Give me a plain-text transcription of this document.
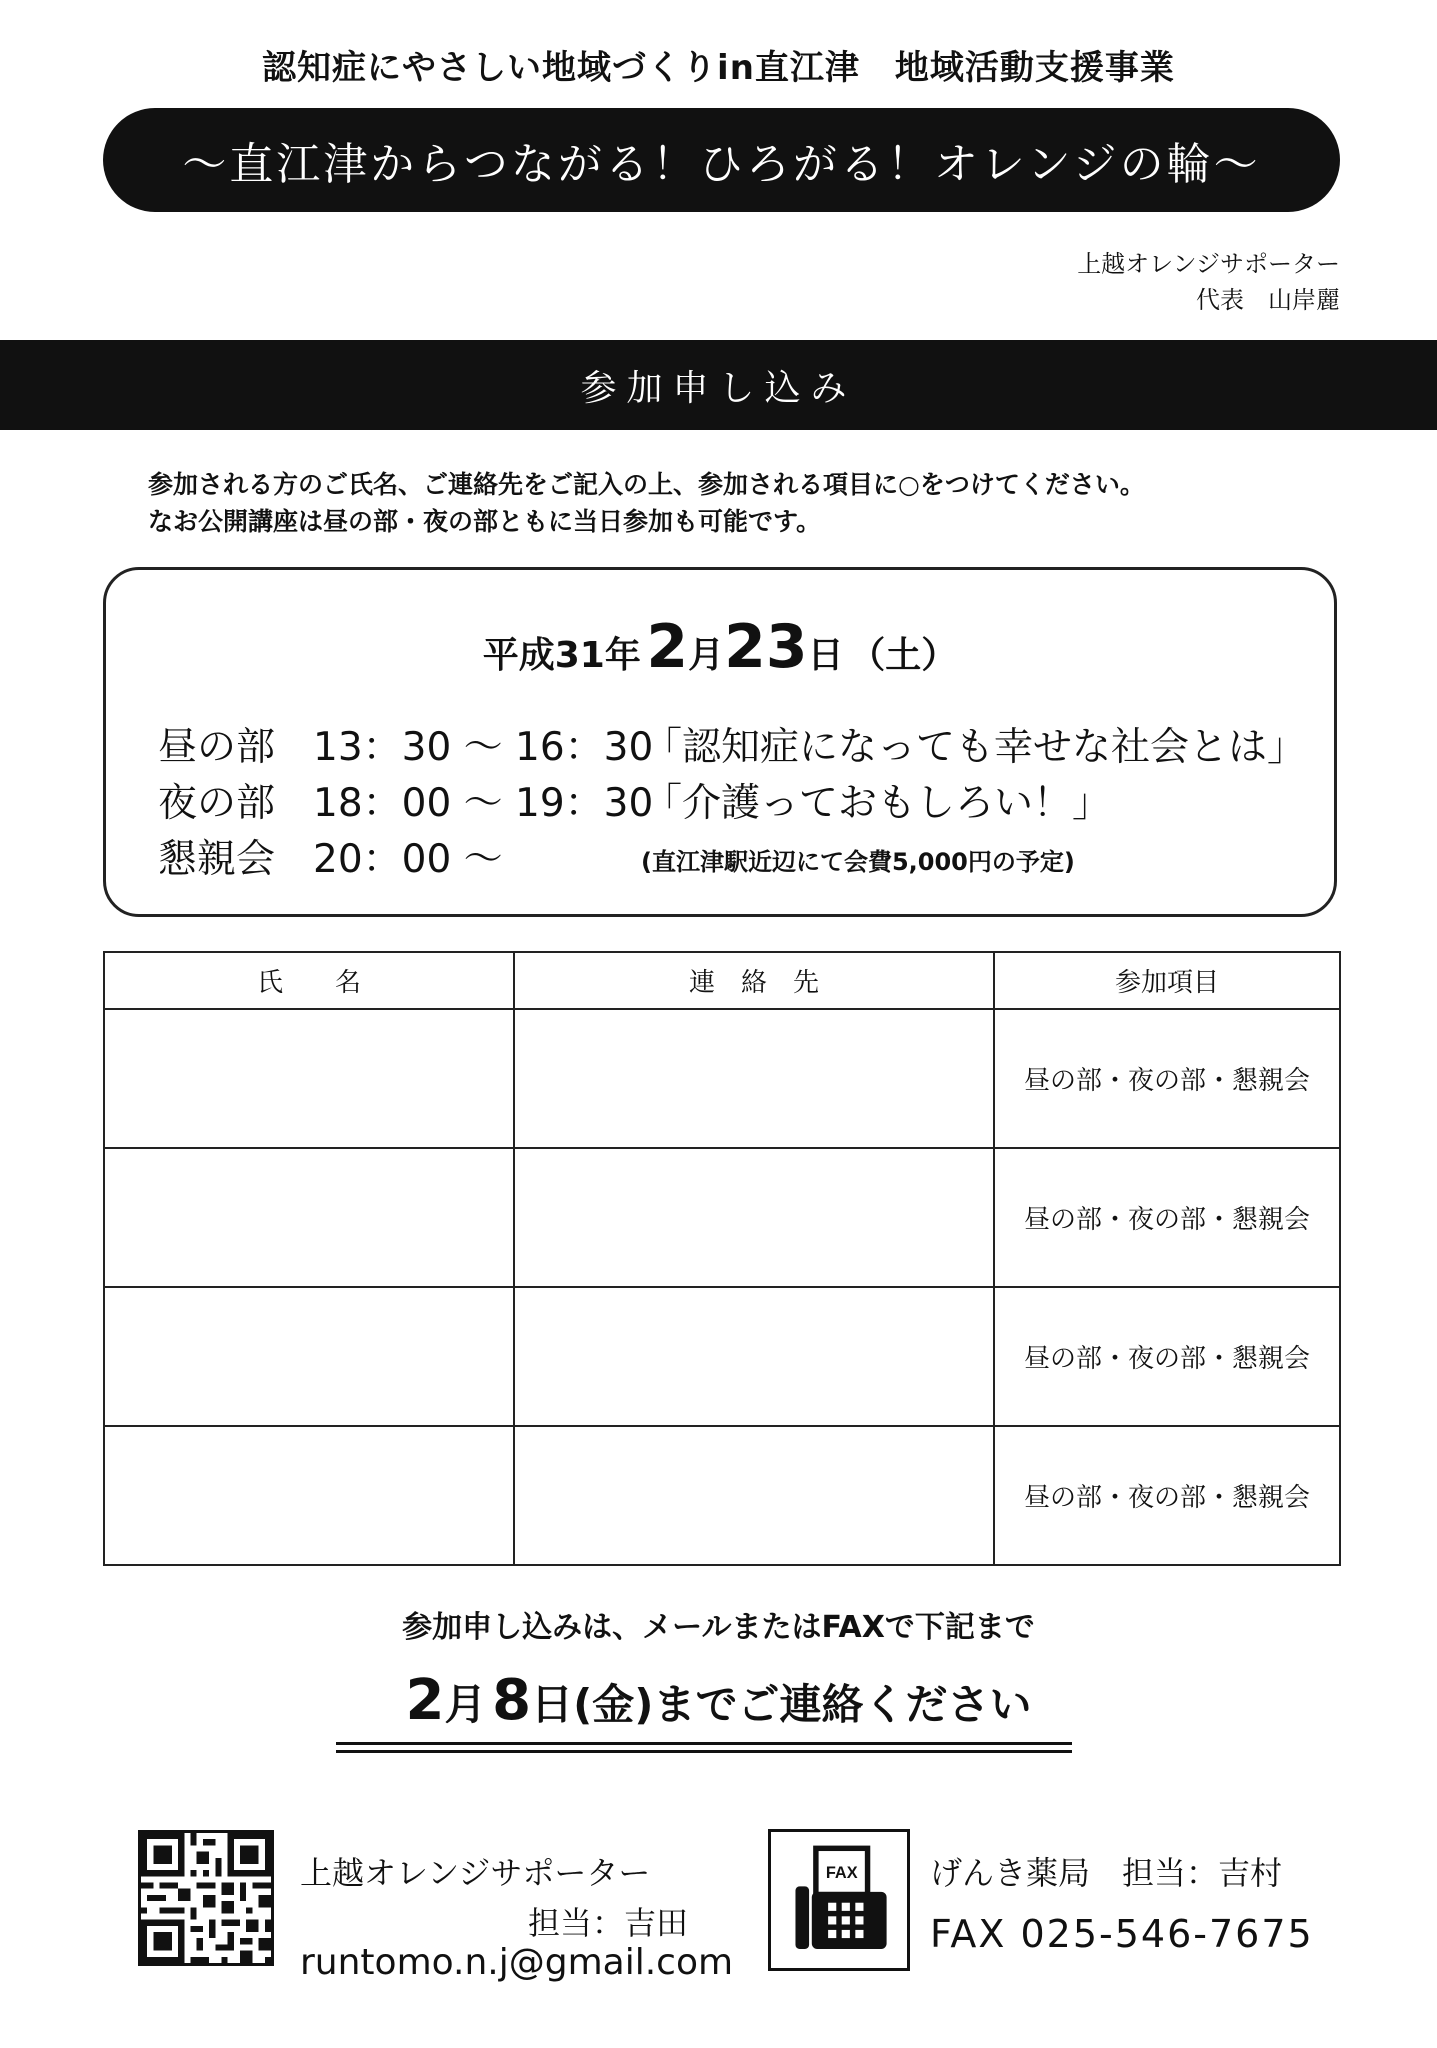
認知症にやさしい地域づくりin直江津　地域活動支援事業
～直江津からつながる！ひろがる！オレンジの輪～
上越オレンジサポーター
代表　山岸麗
参加申し込み
参加される方のご氏名、ご連絡先をご記入の上、参加される項目に○をつけてください。
なお公開講座は昼の部・夜の部ともに当日参加も可能です。
平成31年 2月23日 （土）
昼の部 13：30 ～ 16：30「認知症になっても幸せな社会とは」
夜の部 18：00 ～ 19：30「介護っておもしろい！」
懇親会 20：00 ～	(直江津駅近辺にて会費5,000円の予定)
氏　　名	連　絡　先	参加項目
		昼の部・夜の部・懇親会
		昼の部・夜の部・懇親会
		昼の部・夜の部・懇親会
		昼の部・夜の部・懇親会
参加申し込みは、メールまたはFAXで下記まで
2月 8日(金)までご連絡ください
上越オレンジサポーター
担当：吉田
runtomo.n.j@gmail.com
FAX げんき薬局　担当：吉村
FAX 025-546-7675
